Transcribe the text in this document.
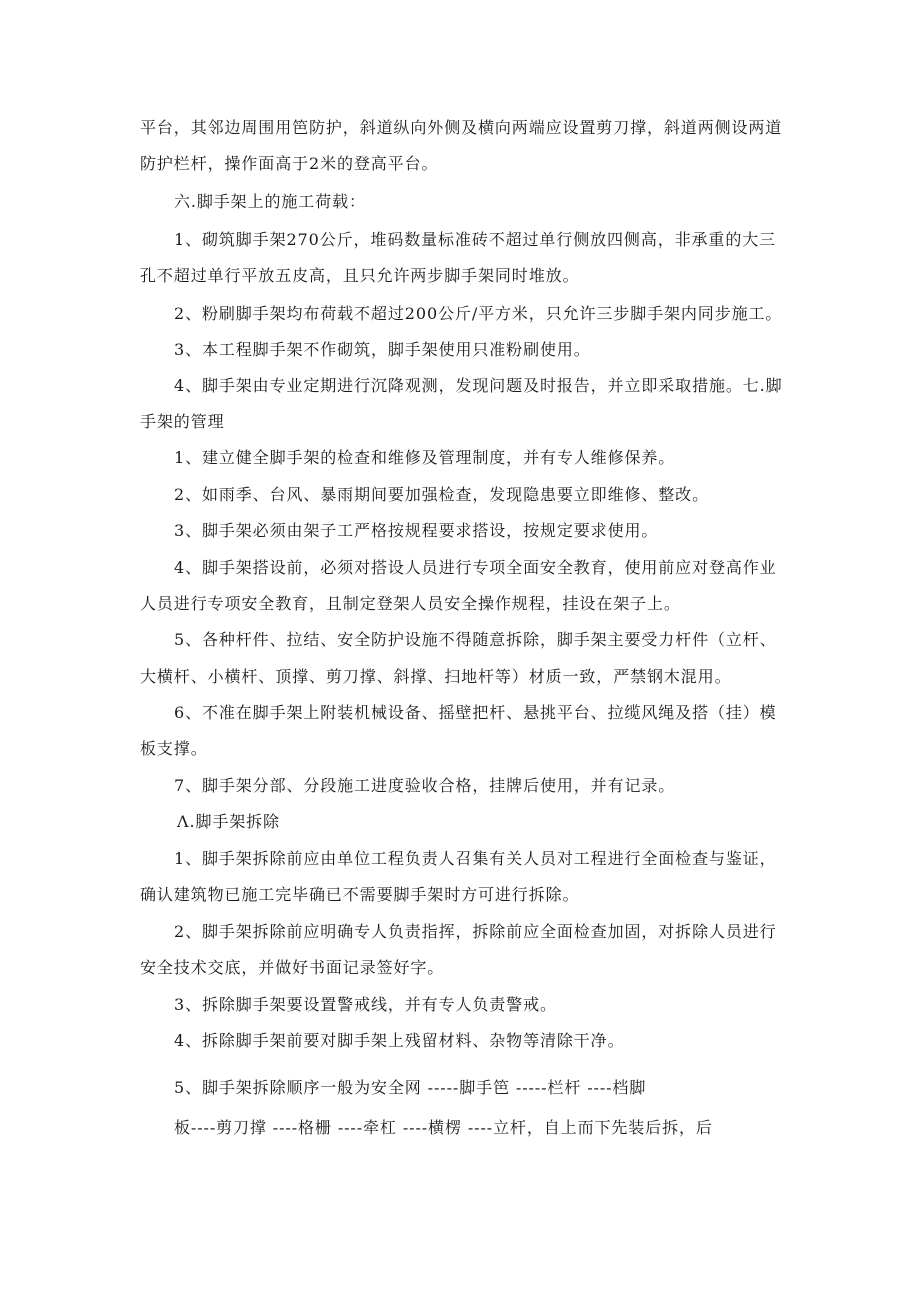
平台，其邻边周围用笆防护，斜道纵向外侧及横向两端应设置剪刀撑，斜道两侧设两道
防护栏杆，操作面高于2米的登高平台。
六.脚手架上的施工荷载：
1、砌筑脚手架270公斤，堆码数量标准砖不超过单行侧放四侧高，非承重的大三
孔不超过单行平放五皮高，且只允许两步脚手架同时堆放。
2、粉刷脚手架均布荷载不超过200公斤/平方米，只允许三步脚手架内同步施工。
3、本工程脚手架不作砌筑，脚手架使用只准粉刷使用。
4、脚手架由专业定期进行沉降观测，发现问题及时报告，并立即采取措施。七.脚
手架的管理
1、建立健全脚手架的检查和维修及管理制度，并有专人维修保养。
2、如雨季、台风、暴雨期间要加强检查，发现隐患要立即维修、整改。
3、脚手架必须由架子工严格按规程要求搭设，按规定要求使用。
4、脚手架搭设前，必须对搭设人员进行专项全面安全教育，使用前应对登高作业
人员进行专项安全教育，且制定登架人员安全操作规程，挂设在架子上。
5、各种杆件、拉结、安全防护设施不得随意拆除，脚手架主要受力杆件（立杆、
大横杆、小横杆、顶撑、剪刀撑、斜撑、扫地杆等）材质一致，严禁钢木混用。
6、不准在脚手架上附装机械设备、摇壁把杆、悬挑平台、拉缆风绳及搭（挂）模
板支撑。
7、脚手架分部、分段施工进度验收合格，挂牌后使用，并有记录。
Λ.脚手架拆除
1、脚手架拆除前应由单位工程负责人召集有关人员对工程进行全面检查与鉴证，
确认建筑物已施工完毕确已不需要脚手架时方可进行拆除。
2、脚手架拆除前应明确专人负责指挥，拆除前应全面检查加固，对拆除人员进行
安全技术交底，并做好书面记录签好字。
3、拆除脚手架要设置警戒线，并有专人负责警戒。
4、拆除脚手架前要对脚手架上残留材料、杂物等清除干净。
5、脚手架拆除顺序一般为安全网 -----脚手笆 -----栏杆 ----档脚
板----剪刀撑 ----格栅 ----牵杠 ----横楞 ----立杆，自上而下先装后拆，后
